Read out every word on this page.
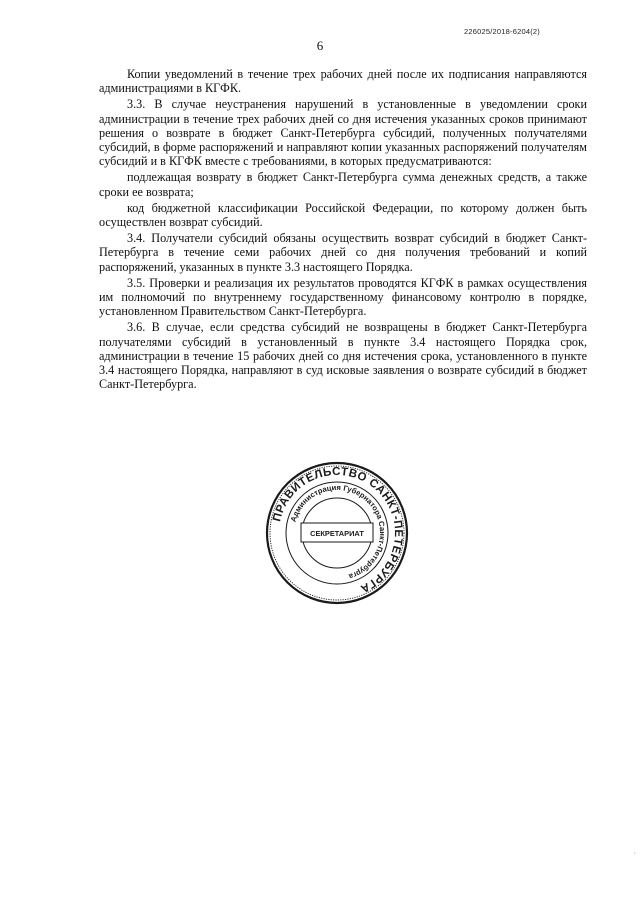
226025/2018-6204(2)
6

Копии уведомлений в течение трех рабочих дней после их подписания направляются администрациями в КГФК.

3.3. В случае неустранения нарушений в установленные в уведомлении сроки администрации в течение трех рабочих дней со дня истечения указанных сроков принимают решения о возврате в бюджет Санкт-Петербурга субсидий, полученных получателями субсидий, в форме распоряжений и направляют копии указанных распоряжений получателям субсидий и в КГФК вместе с требованиями, в которых предусматриваются:

подлежащая возврату в бюджет Санкт-Петербурга сумма денежных средств, а также сроки ее возврата;

код бюджетной классификации Российской Федерации, по которому должен быть осуществлен возврат субсидий.

3.4. Получатели субсидий обязаны осуществить возврат субсидий в бюджет Санкт-Петербурга в течение семи рабочих дней со дня получения требований и копий распоряжений, указанных в пункте 3.3 настоящего Порядка.

3.5. Проверки и реализация их результатов проводятся КГФК в рамках осуществления им полномочий по внутреннему государственному финансовому контролю в порядке, установленном Правительством Санкт-Петербурга.

3.6. В случае, если средства субсидий не возвращены в бюджет Санкт-Петербурга получателями субсидий в установленный в пункте 3.4 настоящего Порядка срок, администрации в течение 15 рабочих дней со дня истечения срока, установленного в пункте 3.4 настоящего Порядка, направляют в суд исковые заявления о возврате субсидий в бюджет Санкт-Петербурга.

ПРАВИТЕЛЬСТВО САНКТ-ПЕТЕРБУРГА
Администрация Губернатора Санкт-Петербурга
СЕКРЕТАРИАТ
·
